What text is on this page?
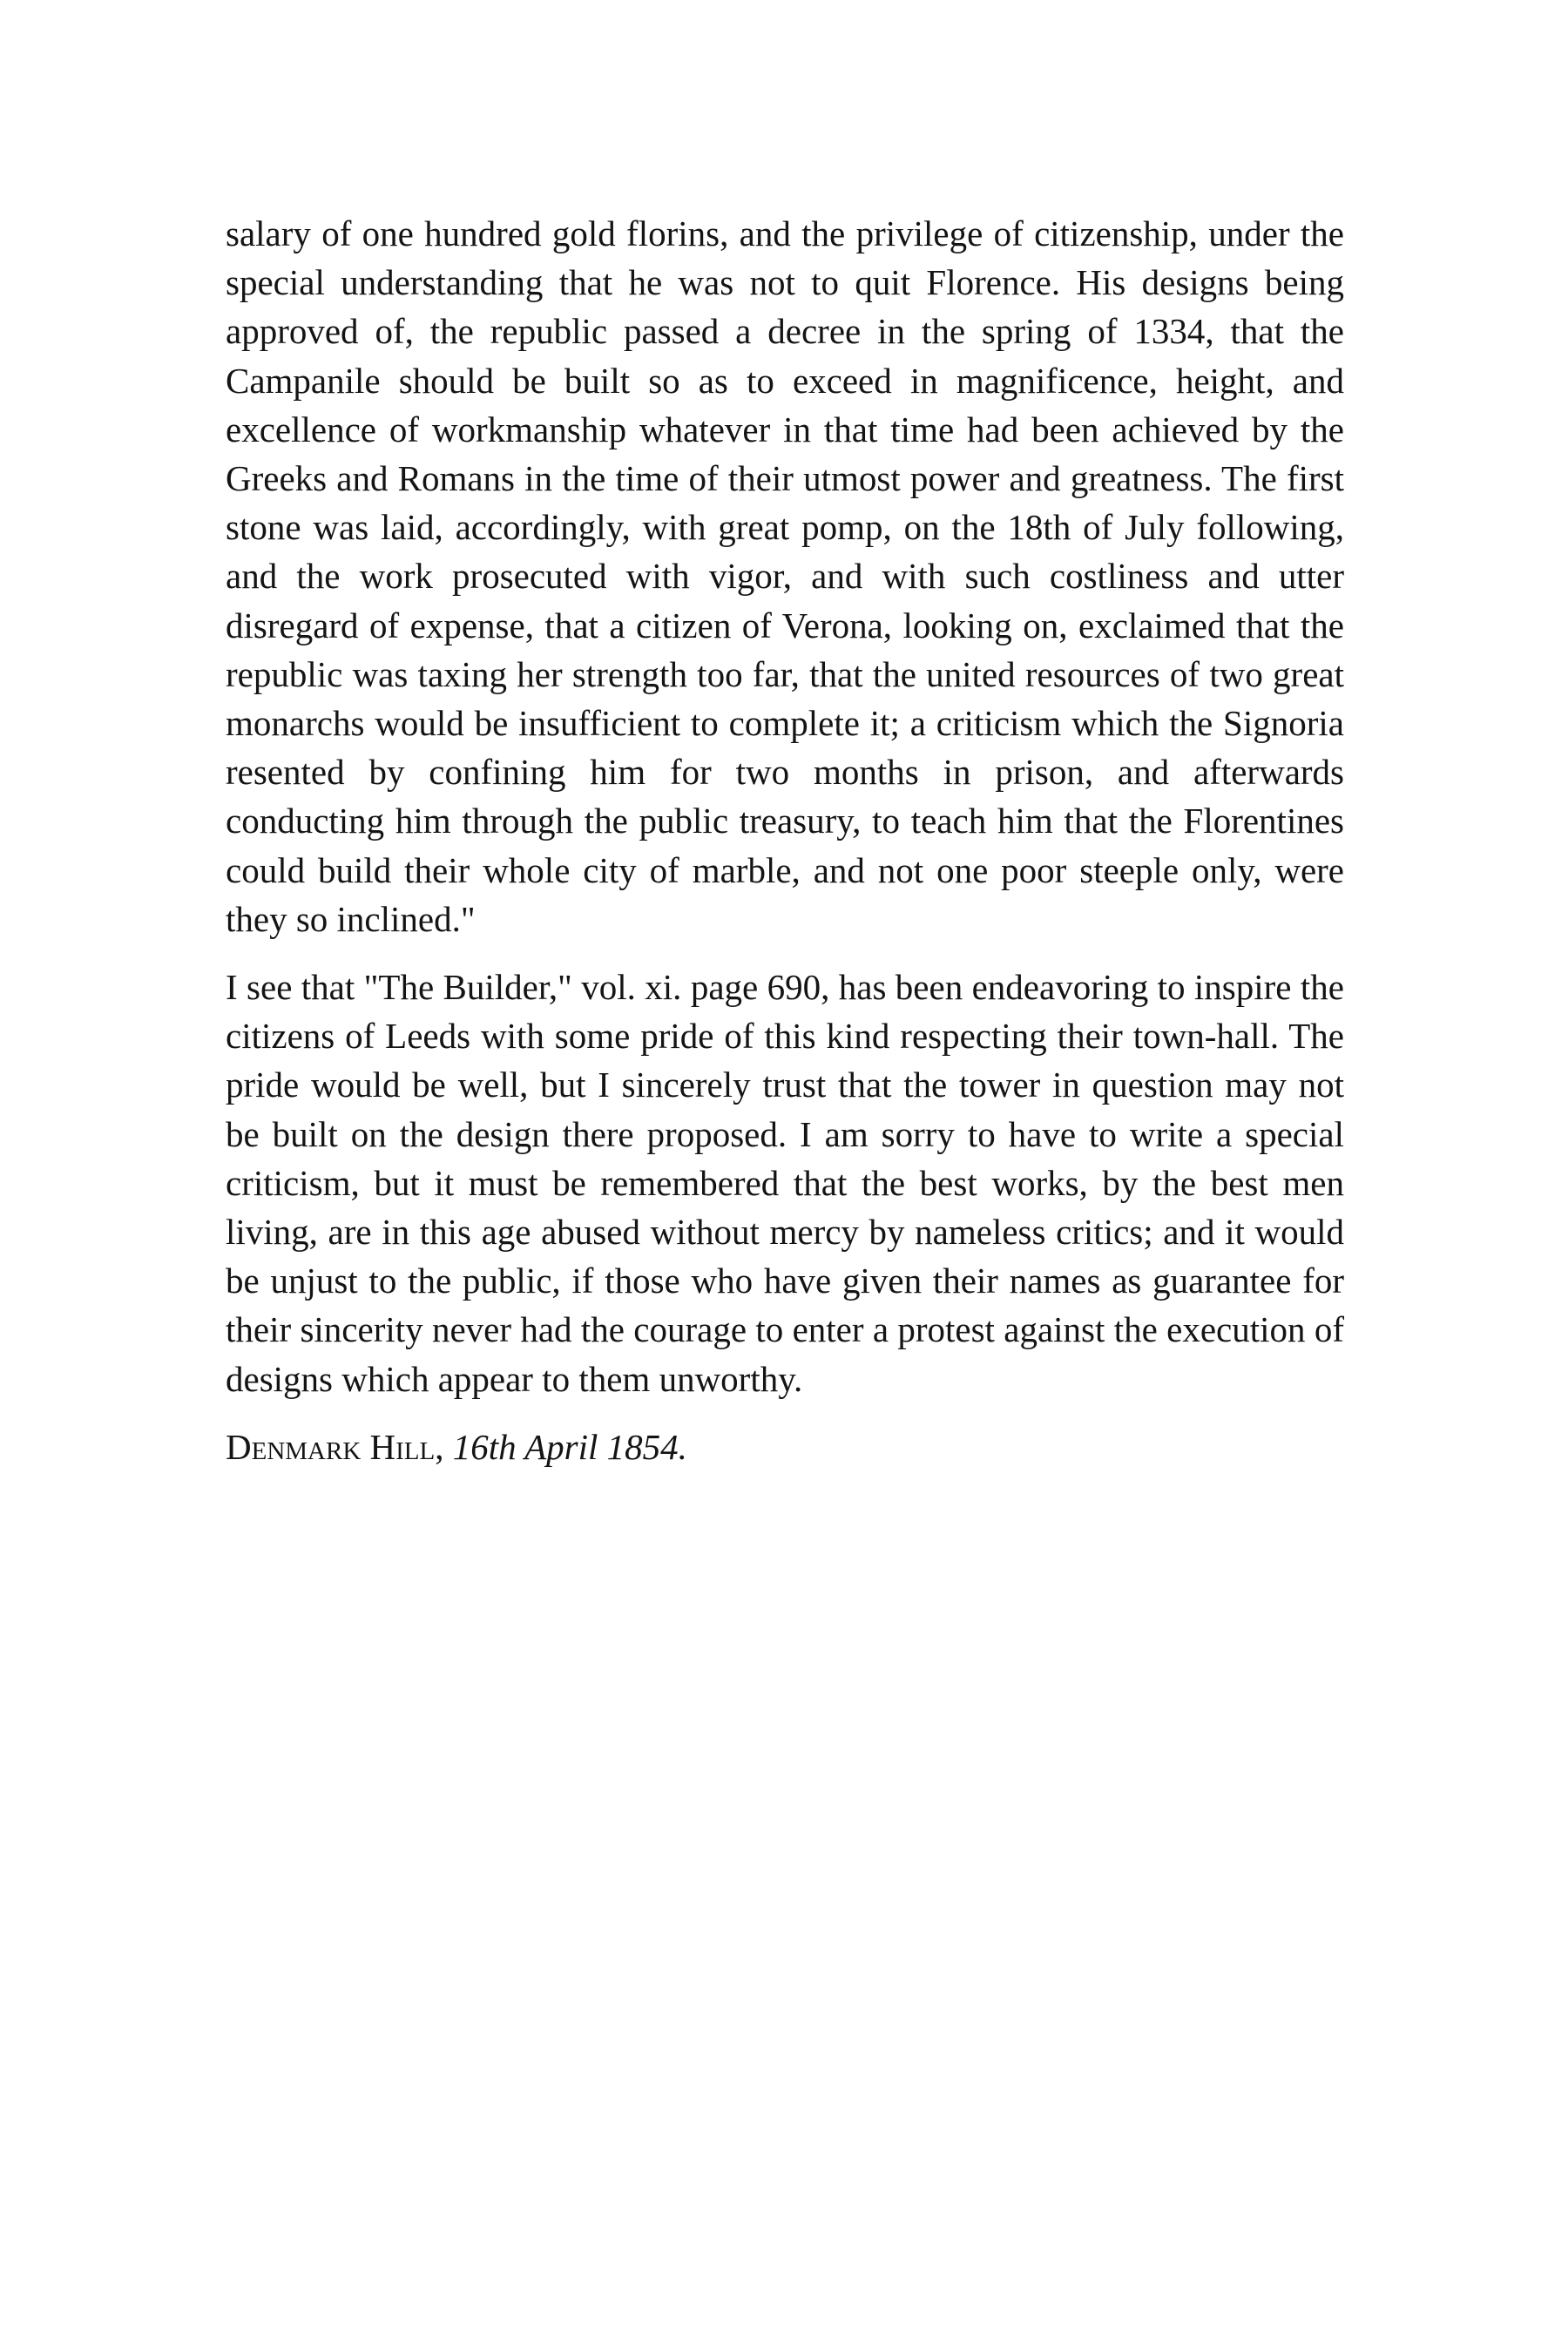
salary of one hundred gold florins, and the privilege of citizenship, under the special understanding that he was not to quit Florence. His designs being approved of, the republic passed a decree in the spring of 1334, that the Campanile should be built so as to exceed in magnificence, height, and excellence of workmanship whatever in that time had been achieved by the Greeks and Romans in the time of their utmost power and greatness. The first stone was laid, accordingly, with great pomp, on the 18th of July following, and the work prosecuted with vigor, and with such costliness and utter disregard of expense, that a citizen of Verona, looking on, exclaimed that the republic was taxing her strength too far, that the united resources of two great monarchs would be insufficient to complete it; a criticism which the Signoria resented by confining him for two months in prison, and afterwards conducting him through the public treasury, to teach him that the Florentines could build their whole city of marble, and not one poor steeple only, were they so inclined."

I see that "The Builder," vol. xi. page 690, has been endeavoring to inspire the citizens of Leeds with some pride of this kind respecting their town-hall. The pride would be well, but I sincerely trust that the tower in question may not be built on the design there proposed. I am sorry to have to write a special criticism, but it must be remembered that the best works, by the best men living, are in this age abused without mercy by nameless critics; and it would be unjust to the public, if those who have given their names as guarantee for their sincerity never had the courage to enter a protest against the execution of designs which appear to them unworthy.

Denmark Hill, 16th April 1854.
